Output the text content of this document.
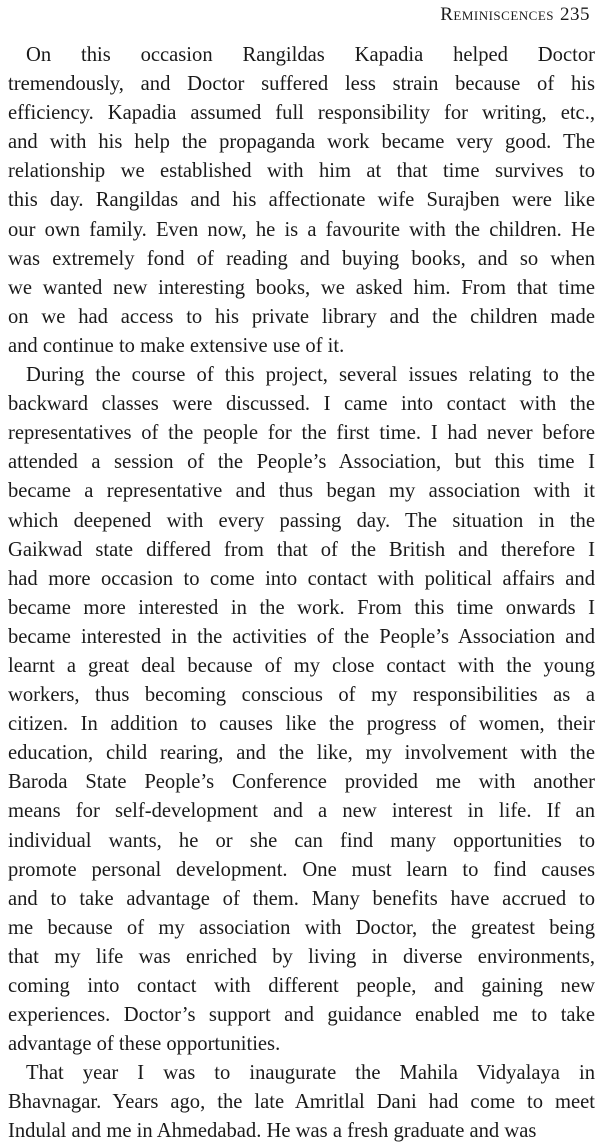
Reminiscences 235
On this occasion Rangildas Kapadia helped Doctor
tremendously, and Doctor suffered less strain because of his
efficiency. Kapadia assumed full responsibility for writing, etc.,
and with his help the propaganda work became very good. The
relationship we established with him at that time survives to
this day. Rangildas and his affectionate wife Surajben were like
our own family. Even now, he is a favourite with the children. He
was extremely fond of reading and buying books, and so when
we wanted new interesting books, we asked him. From that time
on we had access to his private library and the children made
and continue to make extensive use of it.
During the course of this project, several issues relating to the
backward classes were discussed. I came into contact with the
representatives of the people for the first time. I had never before
attended a session of the People’s Association, but this time I
became a representative and thus began my association with it
which deepened with every passing day. The situation in the
Gaikwad state differed from that of the British and therefore I
had more occasion to come into contact with political affairs and
became more interested in the work. From this time onwards I
became interested in the activities of the People’s Association and
learnt a great deal because of my close contact with the young
workers, thus becoming conscious of my responsibilities as a
citizen. In addition to causes like the progress of women, their
education, child rearing, and the like, my involvement with the
Baroda State People’s Conference provided me with another
means for self-development and a new interest in life. If an
individual wants, he or she can find many opportunities to
promote personal development. One must learn to find causes
and to take advantage of them. Many benefits have accrued to
me because of my association with Doctor, the greatest being
that my life was enriched by living in diverse environments,
coming into contact with different people, and gaining new
experiences. Doctor’s support and guidance enabled me to take
advantage of these opportunities.
That year I was to inaugurate the Mahila Vidyalaya in
Bhavnagar. Years ago, the late Amritlal Dani had come to meet
Indulal and me in Ahmedabad. He was a fresh graduate and was
